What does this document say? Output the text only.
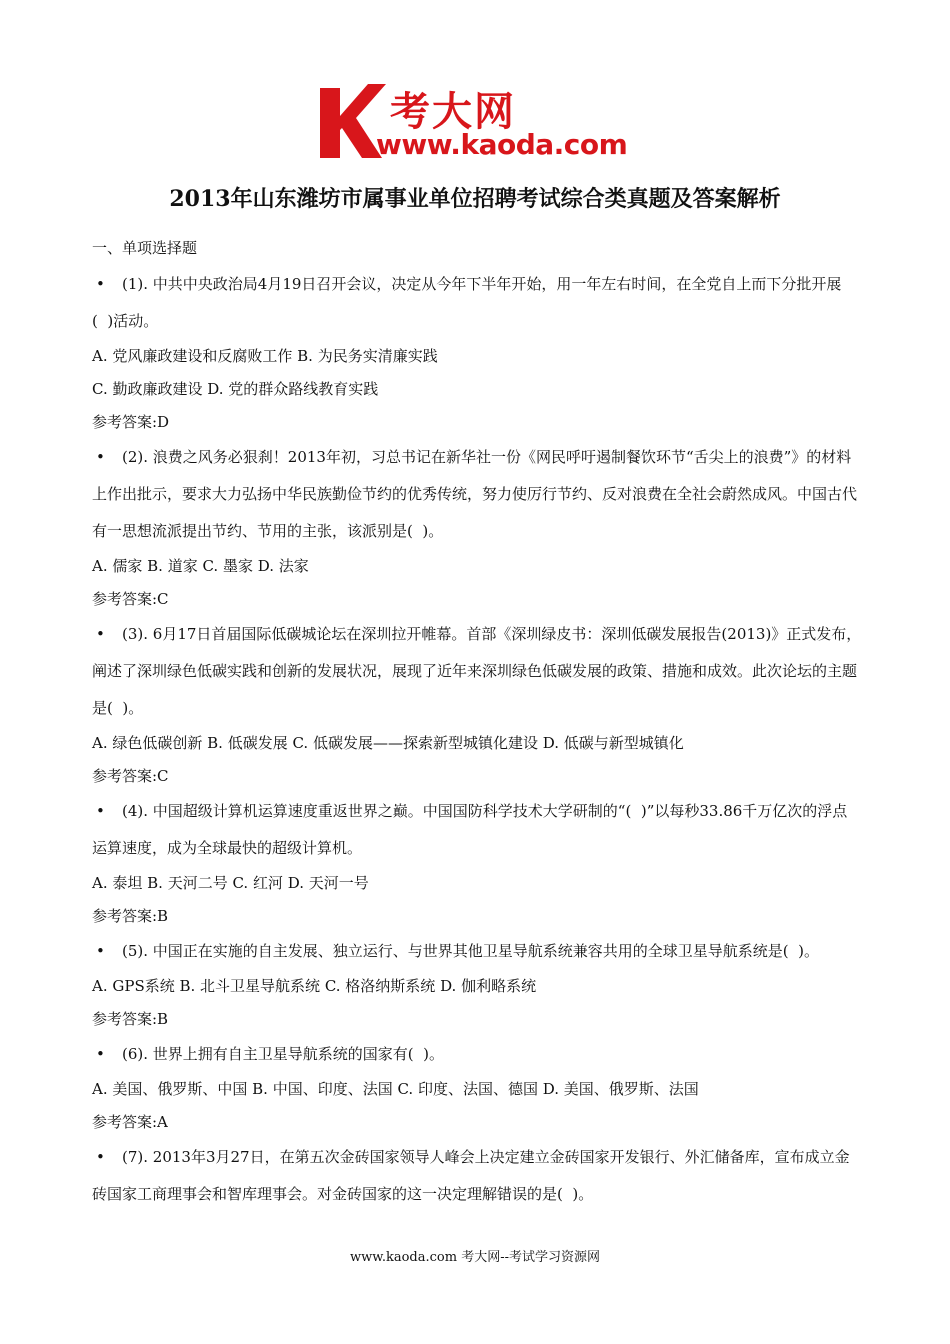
考大网
www.kaoda.com
2013年山东潍坊市属事业单位招聘考试综合类真题及答案解析
一、单项选择题
•	(1). 中共中央政治局4月19日召开会议，决定从今年下半年开始，用一年左右时间，在全党自上而下分批开展(  )活动。
A. 党风廉政建设和反腐败工作 B. 为民务实清廉实践
C. 勤政廉政建设 D. 党的群众路线教育实践
参考答案:D
•	(2). 浪费之风务必狠刹！2013年初，习总书记在新华社一份《网民呼吁遏制餐饮环节“舌尖上的浪费”》的材料上作出批示，要求大力弘扬中华民族勤俭节约的优秀传统，努力使厉行节约、反对浪费在全社会蔚然成风。中国古代有一思想流派提出节约、节用的主张，该派别是(  )。
A. 儒家 B. 道家 C. 墨家 D. 法家
参考答案:C
•	(3). 6月17日首届国际低碳城论坛在深圳拉开帷幕。首部《深圳绿皮书：深圳低碳发展报告(2013)》正式发布，阐述了深圳绿色低碳实践和创新的发展状况，展现了近年来深圳绿色低碳发展的政策、措施和成效。此次论坛的主题是(  )。
A. 绿色低碳创新 B. 低碳发展 C. 低碳发展——探索新型城镇化建设 D. 低碳与新型城镇化
参考答案:C
•	(4). 中国超级计算机运算速度重返世界之巅。中国国防科学技术大学研制的“(  )”以每秒33.86千万亿次的浮点运算速度，成为全球最快的超级计算机。
A. 泰坦 B. 天河二号 C. 红河 D. 天河一号
参考答案:B
•	(5). 中国正在实施的自主发展、独立运行、与世界其他卫星导航系统兼容共用的全球卫星导航系统是(  )。
A. GPS系统 B. 北斗卫星导航系统 C. 格洛纳斯系统 D. 伽利略系统
参考答案:B
•	(6). 世界上拥有自主卫星导航系统的国家有(  )。
A. 美国、俄罗斯、中国 B. 中国、印度、法国 C. 印度、法国、德国 D. 美国、俄罗斯、法国
参考答案:A
•	(7). 2013年3月27日，在第五次金砖国家领导人峰会上决定建立金砖国家开发银行、外汇储备库，宣布成立金砖国家工商理事会和智库理事会。对金砖国家的这一决定理解错误的是(  )。
www.kaoda.com 考大网--考试学习资源网
